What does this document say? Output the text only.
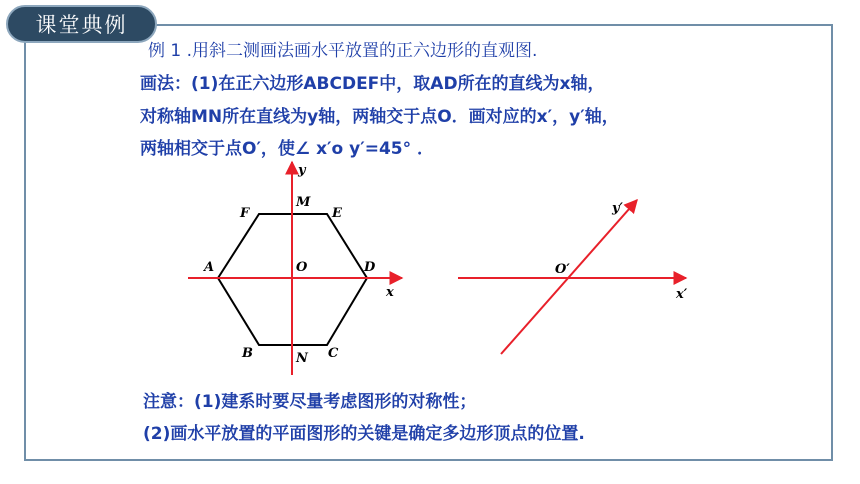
课堂典例
例 1 .用斜二测画法画水平放置的正六边形的直观图.
画法：(1)在正六边形ABCDEF中，取AD所在的直线为x轴，
对称轴MN所在直线为y轴，两轴交于点O．画对应的x′，y′轴，
两轴相交于点O′，使∠ x′o y′=45° ．
y
M
E
F
A	O	D
x
B	N C
y′
O′
x′
注意：(1)建系时要尽量考虑图形的对称性；
(2)画水平放置的平面图形的关键是确定多边形顶点的位置.
